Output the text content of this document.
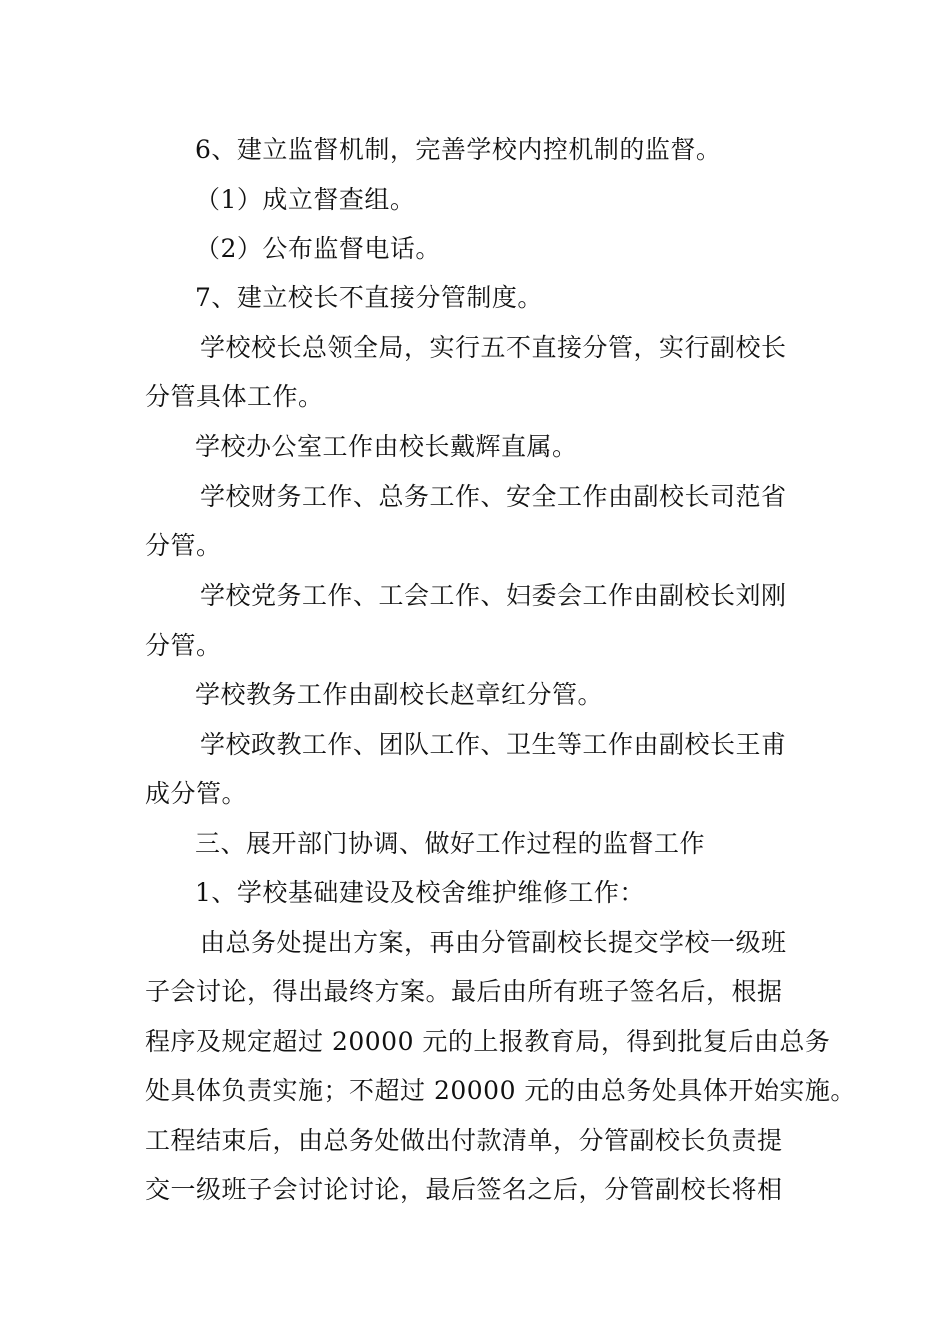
6、建立监督机制，完善学校内控机制的监督。
（1）成立督查组。
（2）公布监督电话。
7、建立校长不直接分管制度。
学校校长总领全局，实行五不直接分管，实行副校长
分管具体工作。
学校办公室工作由校长戴辉直属。
学校财务工作、总务工作、安全工作由副校长司范省
分管。
学校党务工作、工会工作、妇委会工作由副校长刘刚
分管。
学校教务工作由副校长赵章红分管。
学校政教工作、团队工作、卫生等工作由副校长王甫
成分管。
三、展开部门协调、做好工作过程的监督工作
1、学校基础建设及校舍维护维修工作：
由总务处提出方案，再由分管副校长提交学校一级班
子会讨论，得出最终方案。最后由所有班子签名后，根据
程序及规定超过 20000 元的上报教育局，得到批复后由总务
处具体负责实施；不超过 20000 元的由总务处具体开始实施。
工程结束后，由总务处做出付款清单，分管副校长负责提
交一级班子会讨论讨论，最后签名之后，分管副校长将相
